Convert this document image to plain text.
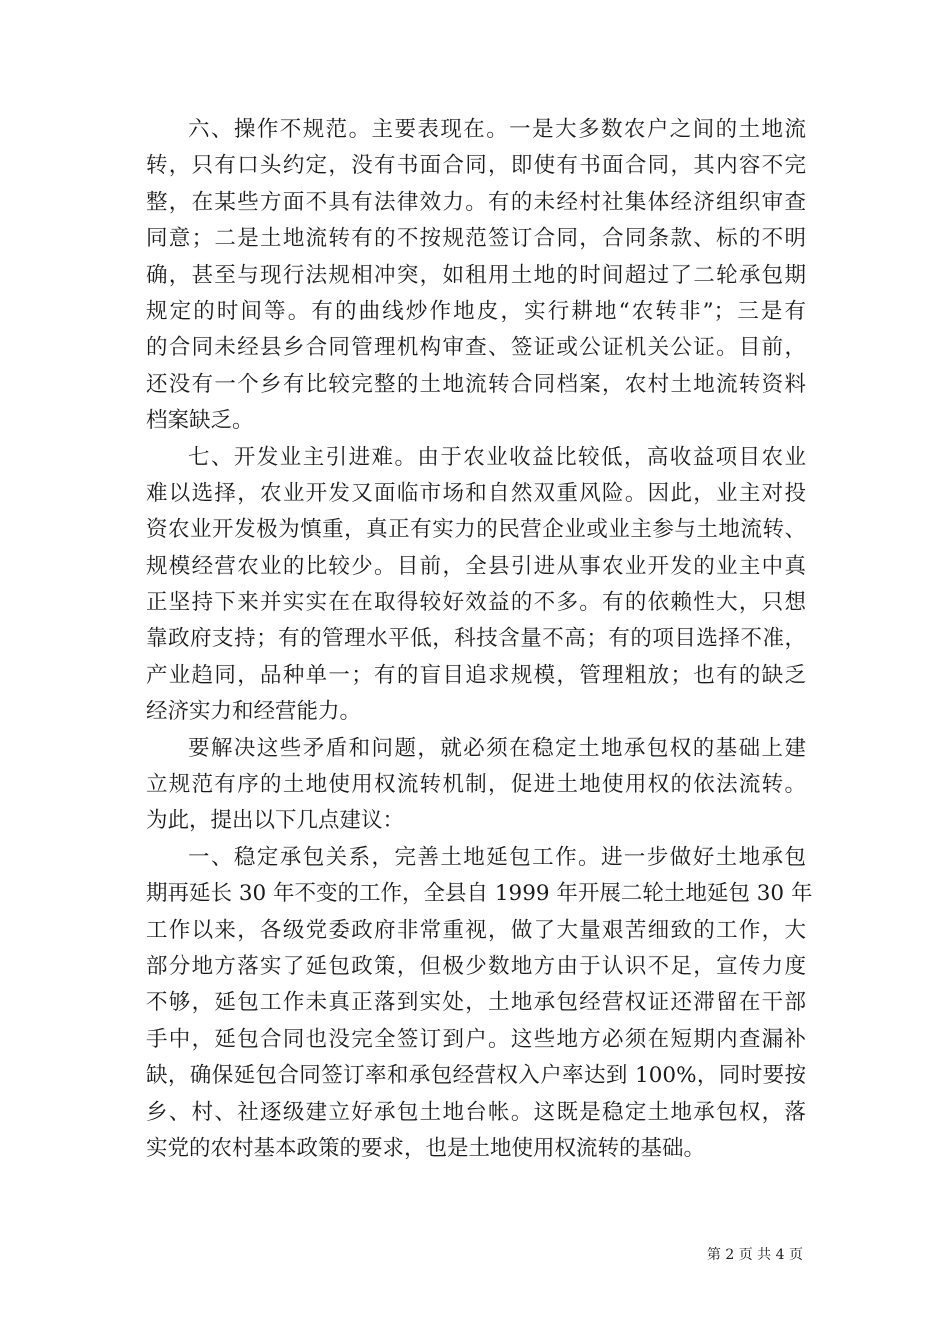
六、操作不规范。主要表现在。一是大多数农户之间的土地流
转，只有口头约定，没有书面合同，即使有书面合同，其内容不完
整，在某些方面不具有法律效力。有的未经村社集体经济组织审查
同意；二是土地流转有的不按规范签订合同，合同条款、标的不明
确，甚至与现行法规相冲突，如租用土地的时间超过了二轮承包期
规定的时间等。有的曲线炒作地皮，实行耕地“农转非”；三是有
的合同未经县乡合同管理机构审查、签证或公证机关公证。目前，
还没有一个乡有比较完整的土地流转合同档案，农村土地流转资料
档案缺乏。
七、开发业主引进难。由于农业收益比较低，高收益项目农业
难以选择，农业开发又面临市场和自然双重风险。因此，业主对投
资农业开发极为慎重，真正有实力的民营企业或业主参与土地流转、
规模经营农业的比较少。目前，全县引进从事农业开发的业主中真
正坚持下来并实实在在取得较好效益的不多。有的依赖性大，只想
靠政府支持；有的管理水平低，科技含量不高；有的项目选择不准，
产业趋同，品种单一；有的盲目追求规模，管理粗放；也有的缺乏
经济实力和经营能力。
要解决这些矛盾和问题，就必须在稳定土地承包权的基础上建
立规范有序的土地使用权流转机制，促进土地使用权的依法流转。
为此，提出以下几点建议：
一、稳定承包关系，完善土地延包工作。进一步做好土地承包
期再延长 30 年不变的工作，全县自 1999 年开展二轮土地延包 30 年
工作以来，各级党委政府非常重视，做了大量艰苦细致的工作，大
部分地方落实了延包政策，但极少数地方由于认识不足，宣传力度
不够，延包工作未真正落到实处，土地承包经营权证还滞留在干部
手中，延包合同也没完全签订到户。这些地方必须在短期内查漏补
缺，确保延包合同签订率和承包经营权入户率达到 100%，同时要按
乡、村、社逐级建立好承包土地台帐。这既是稳定土地承包权，落
实党的农村基本政策的要求，也是土地使用权流转的基础。
第 2 页 共 4 页
